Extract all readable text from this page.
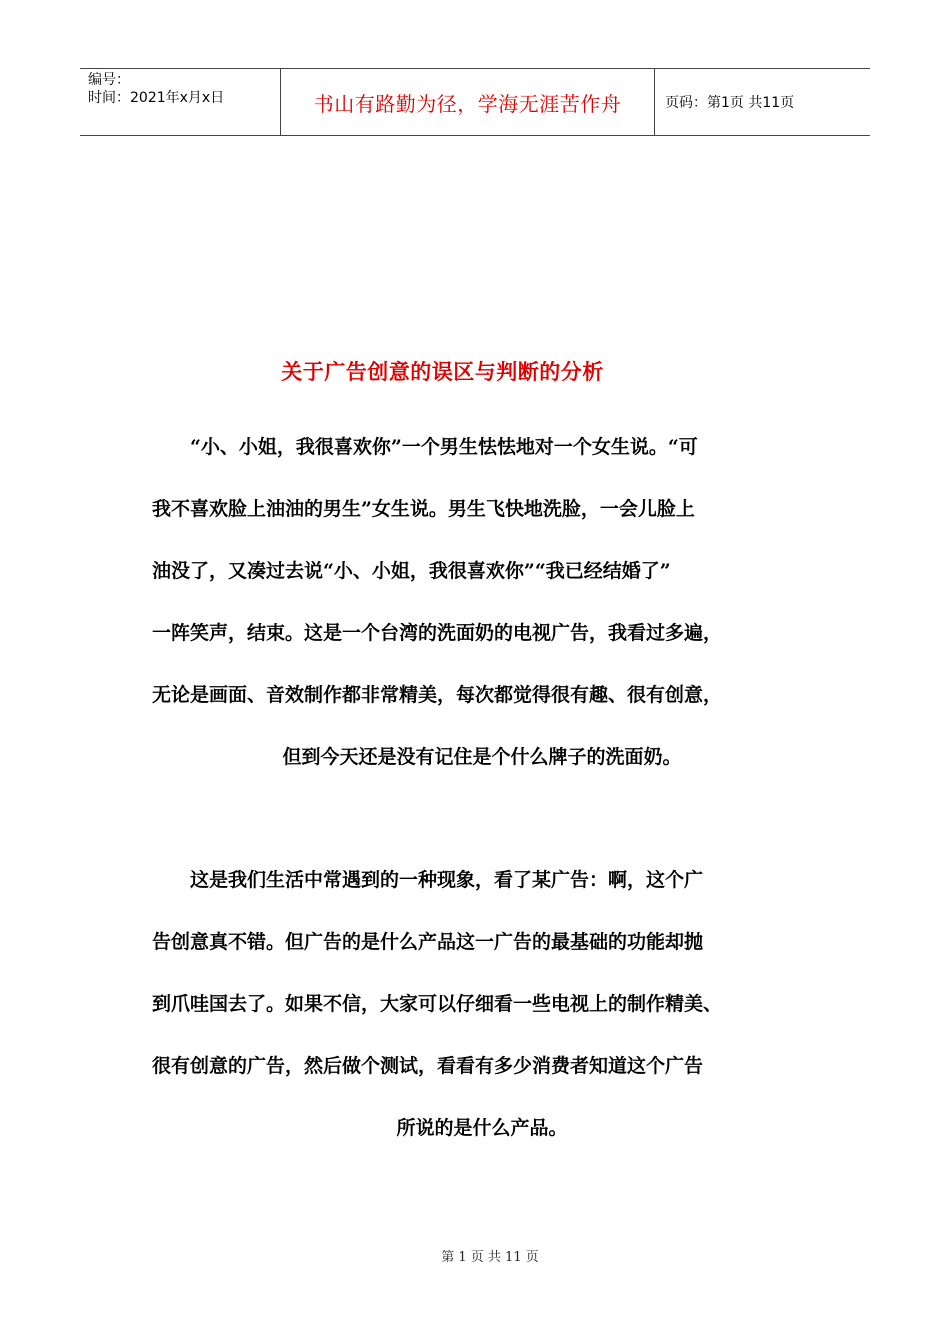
编号：
时间：2021年x月x日	书山有路勤为径，学海无涯苦作舟	页码：第1页 共11页
关于广告创意的误区与判断的分析
“小、小姐，我很喜欢你”一个男生怯怯地对一个女生说。“可
我不喜欢脸上油油的男生”女生说。男生飞快地洗脸，一会儿脸上
油没了，又凑过去说“小、小姐，我很喜欢你”“我已经结婚了”
一阵笑声，结束。这是一个台湾的洗面奶的电视广告，我看过多遍，
无论是画面、音效制作都非常精美，每次都觉得很有趣、很有创意，
但到今天还是没有记住是个什么牌子的洗面奶。
这是我们生活中常遇到的一种现象，看了某广告：啊，这个广
告创意真不错。但广告的是什么产品这一广告的最基础的功能却抛
到爪哇国去了。如果不信，大家可以仔细看一些电视上的制作精美、
很有创意的广告，然后做个测试，看看有多少消费者知道这个广告
所说的是什么产品。
第 1 页 共 11 页
